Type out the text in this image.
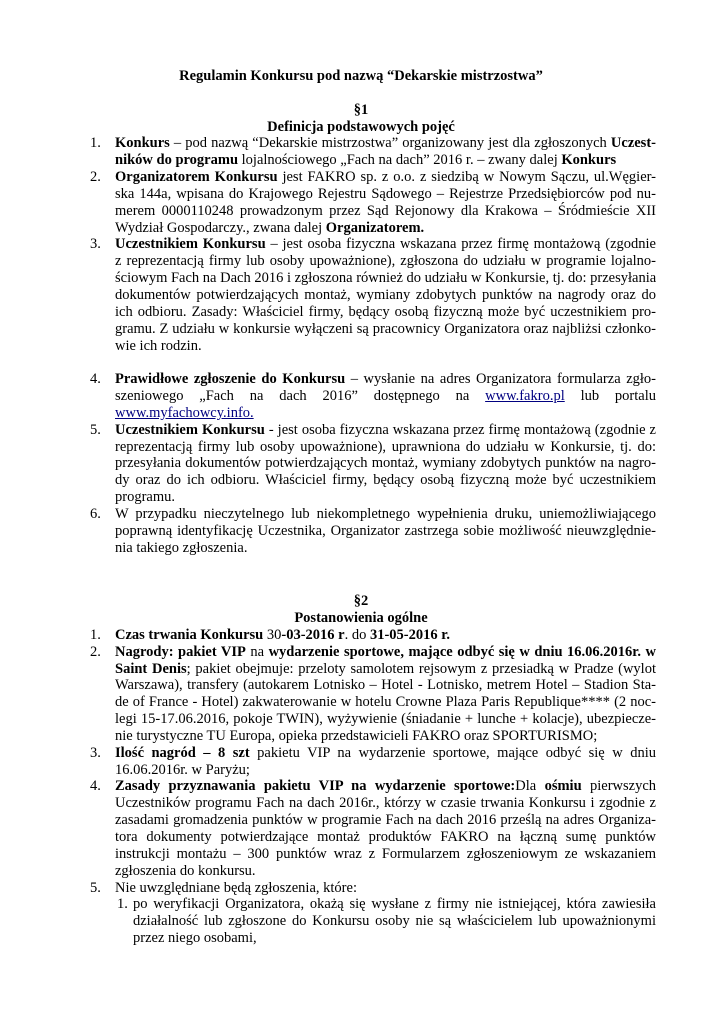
Regulamin Konkursu pod nazwą “Dekarskie mistrzostwa”
§1
Definicja podstawowych pojęć
1. Konkurs – pod nazwą “Dekarskie mistrzostwa” organizowany jest dla zgłoszonych Uczest-
ników do programu lojalnościowego „Fach na dach” 2016 r. – zwany dalej Konkurs
2. Organizatorem Konkursu jest FAKRO sp. z o.o. z siedzibą w Nowym Sączu, ul.Węgier-
ska 144a, wpisana do Krajowego Rejestru Sądowego – Rejestrze Przedsiębiorców pod nu-
merem 0000110248 prowadzonym przez Sąd Rejonowy dla Krakowa – Śródmieście XII
Wydział Gospodarczy., zwana dalej Organizatorem.
3. Uczestnikiem Konkursu – jest osoba fizyczna wskazana przez firmę montażową (zgodnie
z reprezentacją firmy lub osoby upoważnione), zgłoszona do udziału w programie lojalno-
ściowym Fach na Dach 2016 i zgłoszona również do udziału w Konkursie, tj. do: przesyłania
dokumentów potwierdzających montaż, wymiany zdobytych punktów na nagrody oraz do
ich odbioru. Zasady: Właściciel firmy, będący osobą fizyczną może być uczestnikiem pro-
gramu. Z udziału w konkursie wyłączeni są pracownicy Organizatora oraz najbliżsi członko-
wie ich rodzin.
4. Prawidłowe zgłoszenie do Konkursu – wysłanie na adres Organizatora formularza zgło-
szeniowego „Fach na dach 2016” dostępnego na www.fakro.pl lub portalu
www.myfachowcy.info.
5. Uczestnikiem Konkursu - jest osoba fizyczna wskazana przez firmę montażową (zgodnie z
reprezentacją firmy lub osoby upoważnione), uprawniona do udziału w Konkursie, tj. do:
przesyłania dokumentów potwierdzających montaż, wymiany zdobytych punktów na nagro-
dy oraz do ich odbioru. Właściciel firmy, będący osobą fizyczną może być uczestnikiem
programu.
6. W przypadku nieczytelnego lub niekompletnego wypełnienia druku, uniemożliwiającego
poprawną identyfikację Uczestnika, Organizator zastrzega sobie możliwość nieuwzględnie-
nia takiego zgłoszenia.
§2
Postanowienia ogólne
1. Czas trwania Konkursu 30-03-2016 r. do 31-05-2016 r.
2. Nagrody: pakiet VIP na wydarzenie sportowe, mające odbyć się w dniu 16.06.2016r. w
Saint Denis; pakiet obejmuje: przeloty samolotem rejsowym z przesiadką w Pradze (wylot
Warszawa), transfery (autokarem Lotnisko – Hotel - Lotnisko, metrem Hotel – Stadion Sta-
de of France - Hotel) zakwaterowanie w hotelu Crowne Plaza Paris Republique**** (2 noc-
legi 15-17.06.2016, pokoje TWIN), wyżywienie (śniadanie + lunche + kolacje), ubezpiecze-
nie turystyczne TU Europa, opieka przedstawicieli FAKRO oraz SPORTURISMO;
3. Ilość nagród – 8 szt pakietu VIP na wydarzenie sportowe, mające odbyć się w dniu
16.06.2016r. w Paryżu;
4. Zasady przyznawania pakietu VIP na wydarzenie sportowe:Dla ośmiu pierwszych
Uczestników programu Fach na dach 2016r., którzy w czasie trwania Konkursu i zgodnie z
zasadami gromadzenia punktów w programie Fach na dach 2016 prześlą na adres Organiza-
tora dokumenty potwierdzające montaż produktów FAKRO na łączną sumę punktów
instrukcji montażu – 300 punktów wraz z Formularzem zgłoszeniowym ze wskazaniem
zgłoszenia do konkursu.
5. Nie uwzględniane będą zgłoszenia, które:
1. po weryfikacji Organizatora, okażą się wysłane z firmy nie istniejącej, która zawiesiła
działalność lub zgłoszone do Konkursu osoby nie są właścicielem lub upoważnionymi
przez niego osobami,
